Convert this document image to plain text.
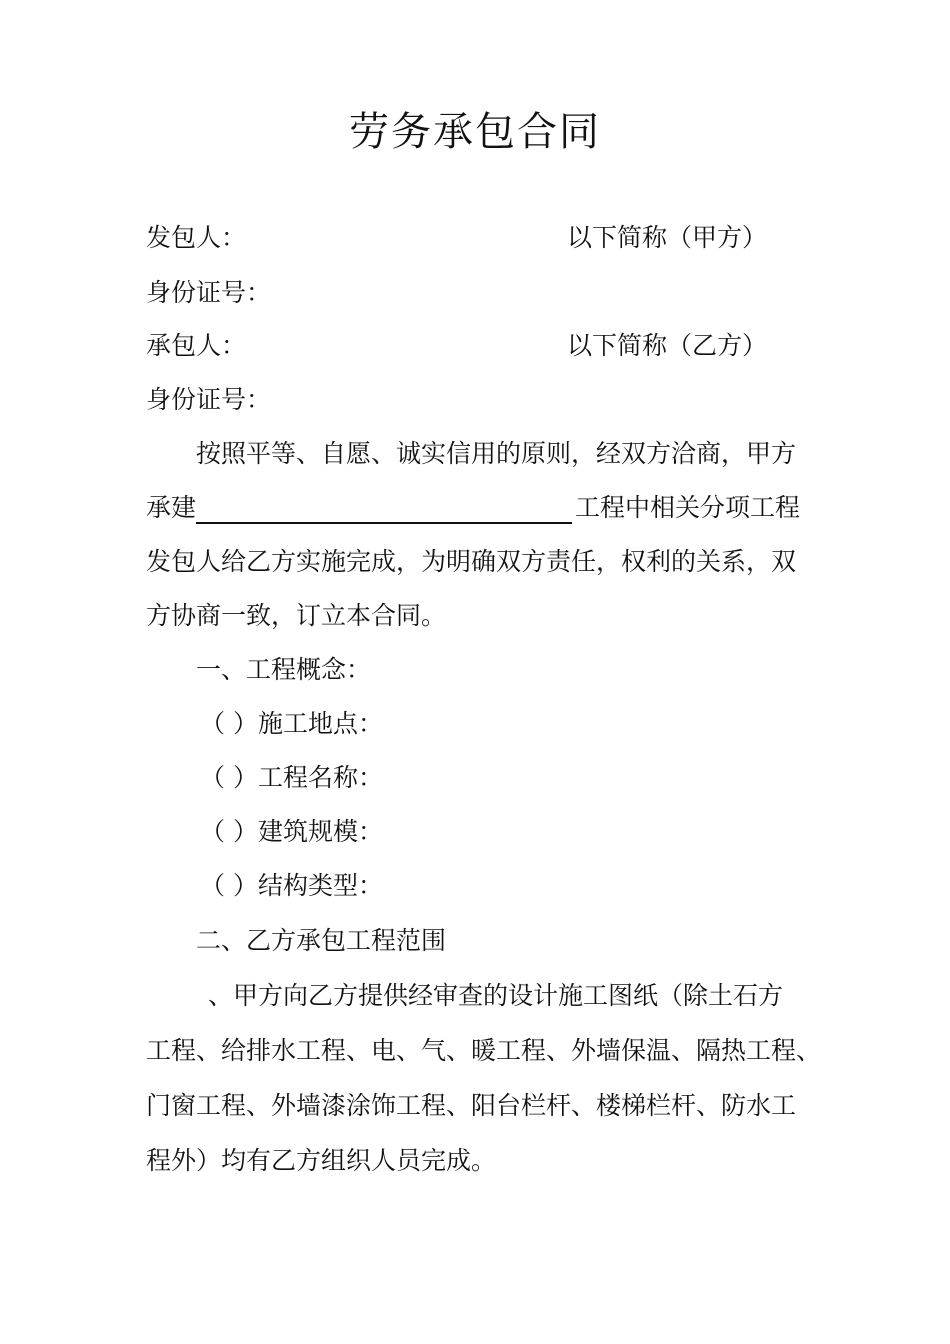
劳务承包合同
发包人：	以下简称（甲方）
身份证号：
承包人：	以下简称（乙方）
身份证号：
按照平等、自愿、诚实信用的原则，经双方洽商，甲方
承建	工程中相关分项工程
发包人给乙方实施完成，为明确双方责任，权利的关系，双
方协商一致，订立本合同。
一、工程概念：
（ ）施工地点：
（ ）工程名称：
（ ）建筑规模：
（ ）结构类型：
二、乙方承包工程范围
、甲方向乙方提供经审查的设计施工图纸（除土石方
工程、给排水工程、电、气、暖工程、外墙保温、隔热工程、
门窗工程、外墙漆涂饰工程、阳台栏杆、楼梯栏杆、防水工
程外）均有乙方组织人员完成。
